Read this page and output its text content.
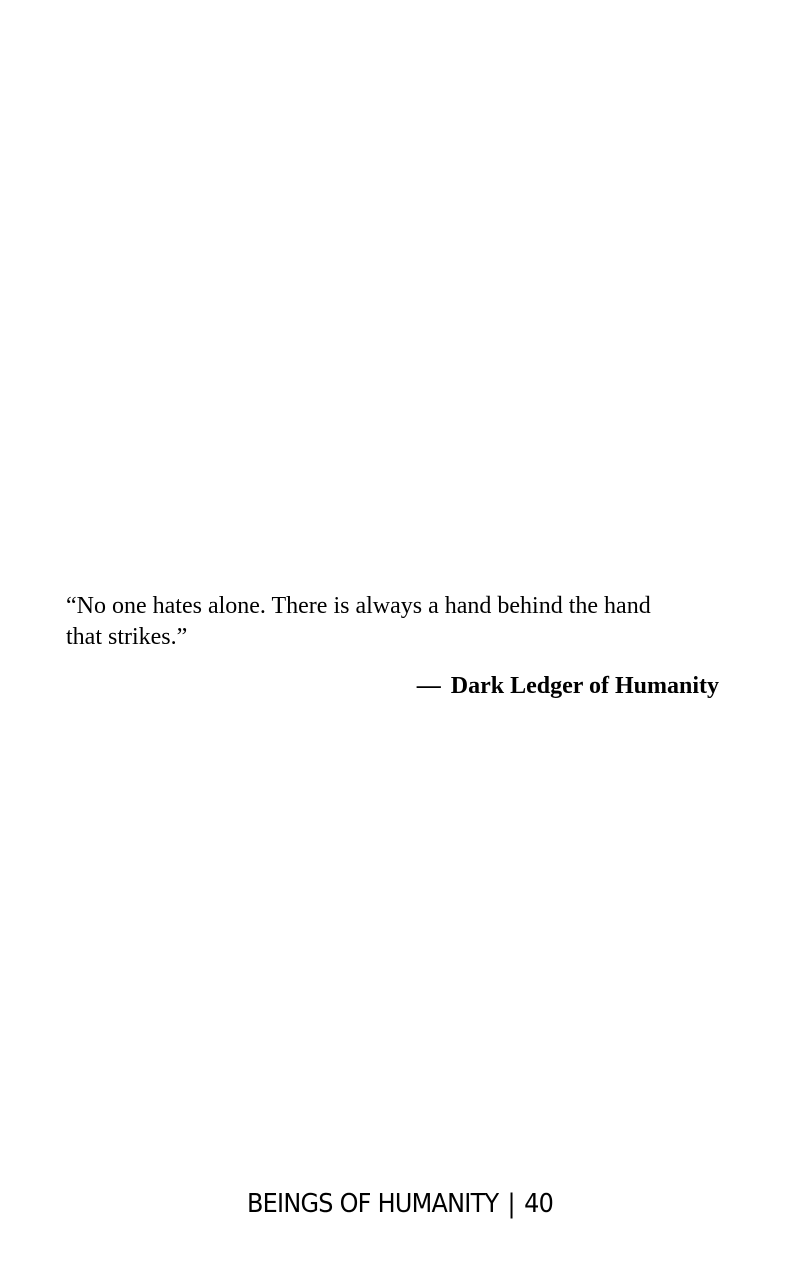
“No one hates alone. There is always a hand behind the hand
that strikes.”

— Dark Ledger of Humanity

BEINGS OF HUMANITY | 40
